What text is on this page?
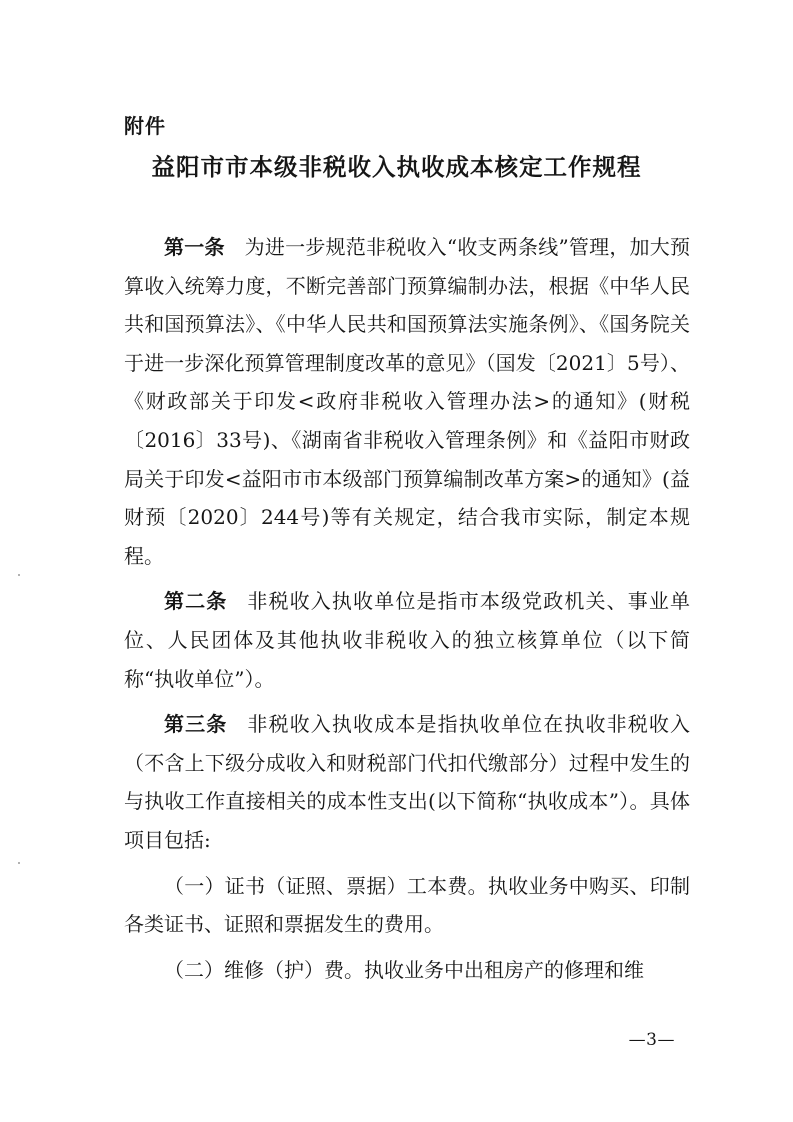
附件
益阳市市本级非税收入执收成本核定工作规程

第一条 为进一步规范非税收入“收支两条线”管理，加大预算收入统筹力度，不断完善部门预算编制办法，根据《中华人民共和国预算法》、《中华人民共和国预算法实施条例》、《国务院关于进一步深化预算管理制度改革的意见》（国发〔2021〕5号）、《财政部关于印发<政府非税收入管理办法>的通知》(财税〔2016〕33号)、《湖南省非税收入管理条例》和《益阳市财政局关于印发<益阳市市本级部门预算编制改革方案>的通知》(益财预〔2020〕244号)等有关规定，结合我市实际，制定本规程。

第二条 非税收入执收单位是指市本级党政机关、事业单位、人民团体及其他执收非税收入的独立核算单位（以下简称“执收单位”）。

第三条 非税收入执收成本是指执收单位在执收非税收入（不含上下级分成收入和财税部门代扣代缴部分）过程中发生的与执收工作直接相关的成本性支出(以下简称“执收成本”）。具体项目包括:

（一）证书（证照、票据）工本费。执收业务中购买、印制各类证书、证照和票据发生的费用。

（二）维修（护）费。执收业务中出租房产的修理和维

—3—
